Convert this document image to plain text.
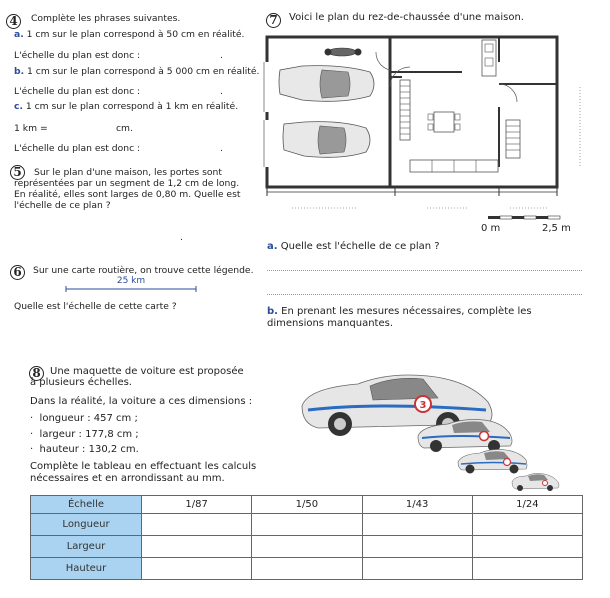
4	Complète les phrases suivantes.
a. 1 cm sur le plan correspond à 50 cm en réalité.
L'échelle du plan est donc :	.
b. 1 cm sur le plan correspond à 5 000 cm en réalité.
L'échelle du plan est donc :	.
c. 1 cm sur le plan correspond à 1 km en réalité.
1 km =	cm.
L'échelle du plan est donc :	.
5	Sur le plan d'une maison, les portes sont
représentées par un segment de 1,2 cm de long.
En réalité, elles sont larges de 0,80 m. Quelle est
l'échelle de ce plan ?
.
6	Sur une carte routière, on trouve cette légende.
25 km
Quelle est l'échelle de cette carte ?
7	Voici le plan du rez-de-chaussée d'une maison.
0 m	2,5 m
a. Quelle est l'échelle de ce plan ?
b. En prenant les mesures nécessaires, complète les
dimensions manquantes.
8 Une maquette de voiture est proposée
à plusieurs échelles.
Dans la réalité, la voiture a ces dimensions :
· longueur : 457 cm ;
· largeur : 177,8 cm ;
· hauteur : 130,2 cm.
Complète le tableau en effectuant les calculs
nécessaires et en arrondissant au mm.
3
Échelle	1/87	1/50	1/43	1/24
Longueur				
Largeur				
Hauteur				
